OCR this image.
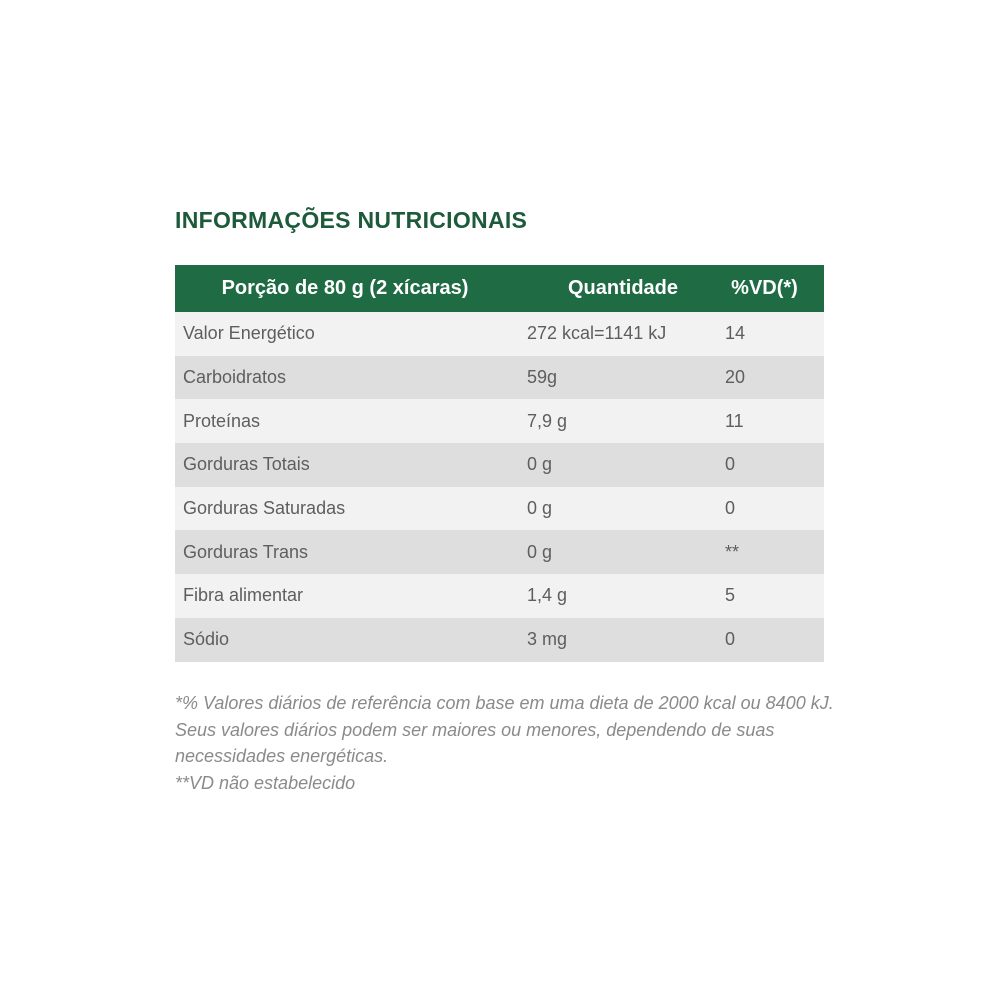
INFORMAÇÕES NUTRICIONAIS
Porção de 80 g (2 xícaras)	Quantidade	%VD(*)
Valor Energético	272 kcal=1141 kJ	14
Carboidratos	59g	20
Proteínas	7,9 g	11
Gorduras Totais	0 g	0
Gorduras Saturadas	0 g	0
Gorduras Trans	0 g	**
Fibra alimentar	1,4 g	5
Sódio	3 mg	0

*% Valores diários de referência com base em uma dieta de 2000 kcal ou 8400 kJ. Seus valores diários podem ser maiores ou menores, dependendo de suas necessidades energéticas.

**VD não estabelecido
